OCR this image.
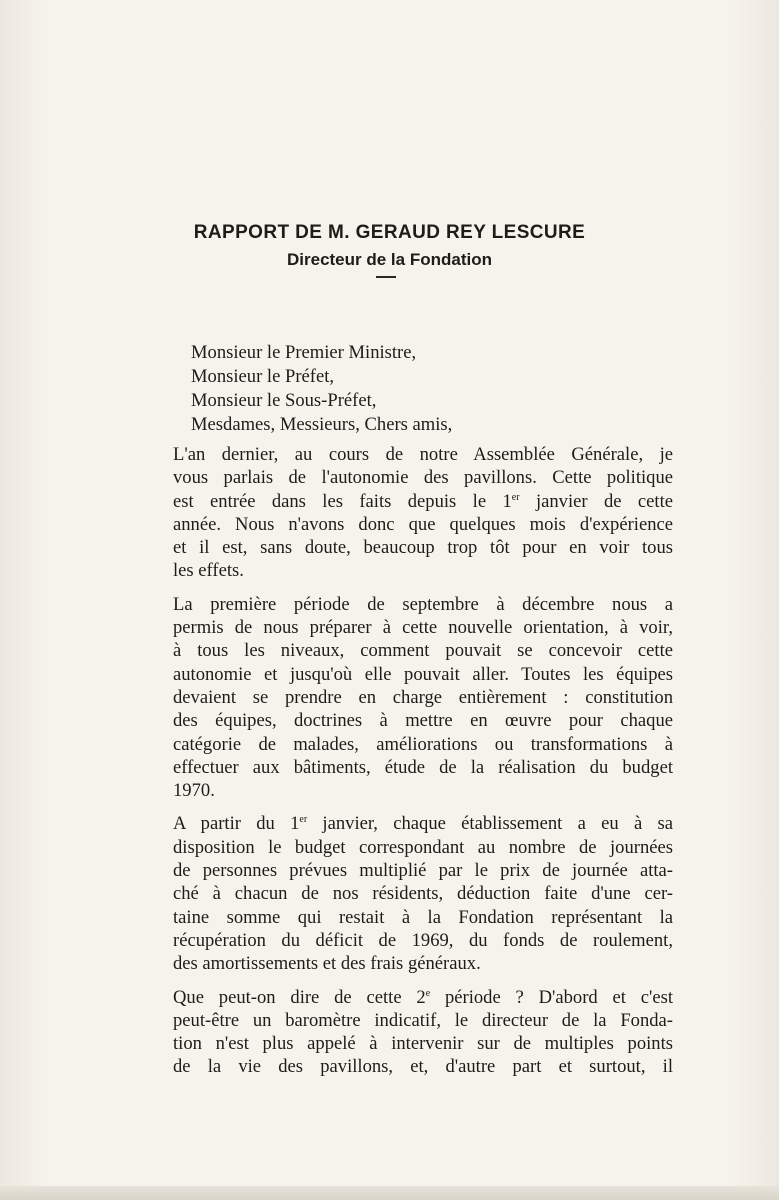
RAPPORT DE M. GERAUD REY LESCURE
Directeur de la Fondation

Monsieur le Premier Ministre,

Monsieur le Préfet,

Monsieur le Sous-Préfet,

Mesdames, Messieurs, Chers amis,

L'an dernier, au cours de notre Assemblée Générale, je
vous parlais de l'autonomie des pavillons. Cette politique
est entrée dans les faits depuis le 1er janvier de cette
année. Nous n'avons donc que quelques mois d'expérience
et il est, sans doute, beaucoup trop tôt pour en voir tous
les effets.
La première période de septembre à décembre nous a
permis de nous préparer à cette nouvelle orientation, à voir,
à tous les niveaux, comment pouvait se concevoir cette
autonomie et jusqu'où elle pouvait aller. Toutes les équipes
devaient se prendre en charge entièrement : constitution
des équipes, doctrines à mettre en œuvre pour chaque
catégorie de malades, améliorations ou transformations à
effectuer aux bâtiments, étude de la réalisation du budget
1970.
A partir du 1er janvier, chaque établissement a eu à sa
disposition le budget correspondant au nombre de journées
de personnes prévues multiplié par le prix de journée atta-
ché à chacun de nos résidents, déduction faite d'une cer-
taine somme qui restait à la Fondation représentant la
récupération du déficit de 1969, du fonds de roulement,
des amortissements et des frais généraux.
Que peut-on dire de cette 2e période ? D'abord et c'est
peut-être un baromètre indicatif, le directeur de la Fonda-
tion n'est plus appelé à intervenir sur de multiples points
de la vie des pavillons, et, d'autre part et surtout, il
